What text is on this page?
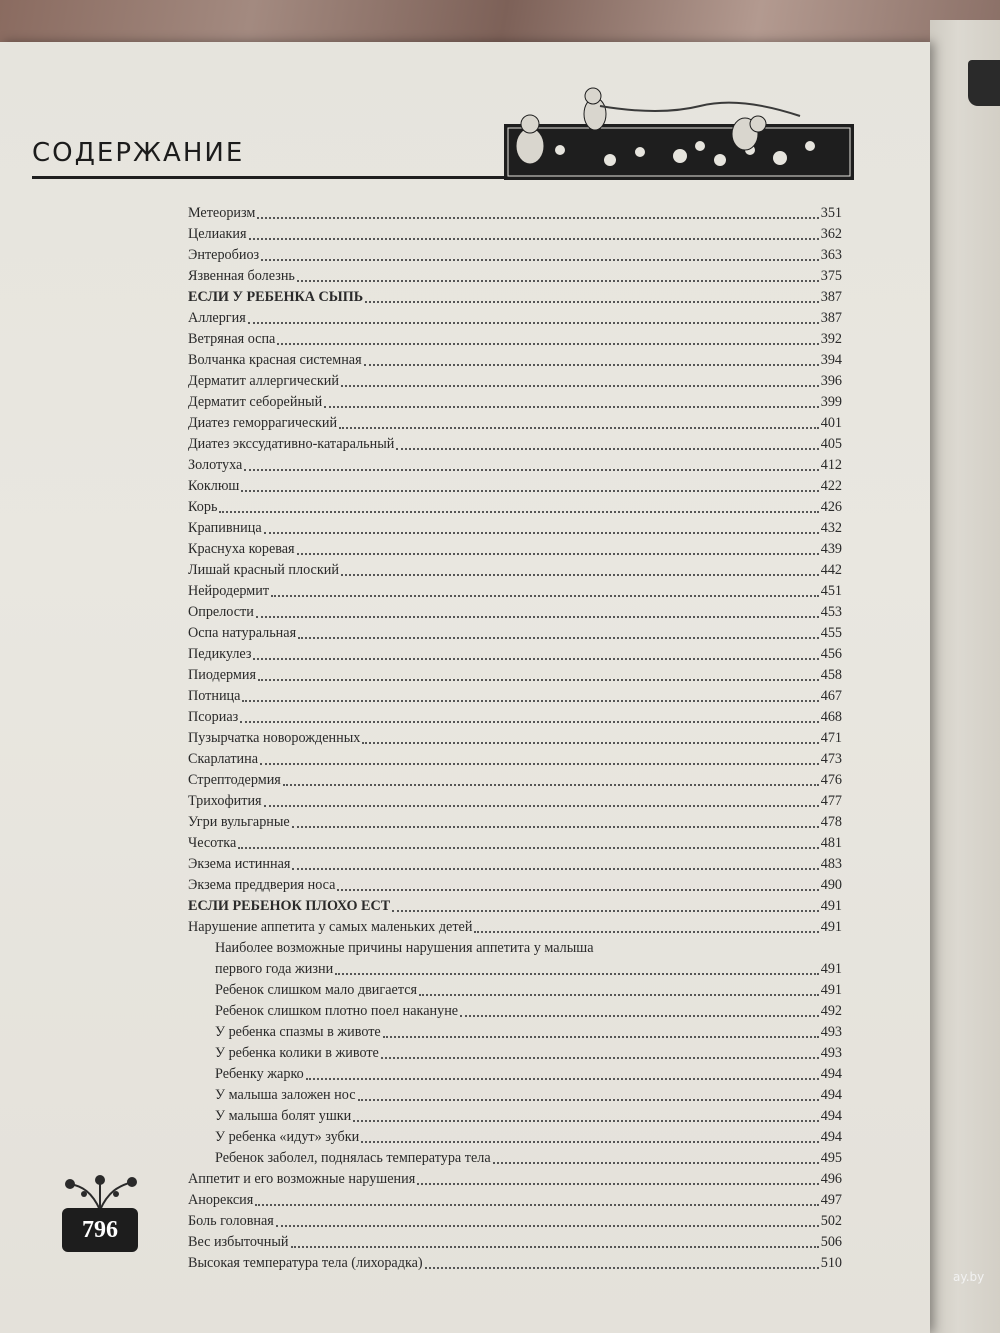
СОДЕРЖАНИЕ
Метеоризм	351
Целиакия	362
Энтеробиоз	363
Язвенная болезнь	375
ЕСЛИ У РЕБЕНКА СЫПЬ	387
Аллергия	387
Ветряная оспа	392
Волчанка красная системная	394
Дерматит аллергический	396
Дерматит себорейный	399
Диатез геморрагический	401
Диатез экссудативно-катаральный	405
Золотуха	412
Коклюш	422
Корь	426
Крапивница	432
Краснуха коревая	439
Лишай красный плоский	442
Нейродермит	451
Опрелости	453
Оспа натуральная	455
Педикулез	456
Пиодермия	458
Потница	467
Псориаз	468
Пузырчатка новорожденных	471
Скарлатина	473
Стрептодермия	476
Трихофития	477
Угри вульгарные	478
Чесотка	481
Экзема истинная	483
Экзема преддверия носа	490
ЕСЛИ РЕБЕНОК ПЛОХО ЕСТ	491
Нарушение аппетита у самых маленьких детей	491
Наиболее возможные причины нарушения аппетита у малыша
первого года жизни	491
Ребенок слишком мало двигается	491
Ребенок слишком плотно поел накануне	492
У ребенка спазмы в животе	493
У ребенка колики в животе	493
Ребенку жарко	494
У малыша заложен нос	494
У малыша болят ушки	494
У ребенка «идут» зубки	494
Ребенок заболел, поднялась температура тела	495
Аппетит и его возможные нарушения	496
Анорексия	497
Боль головная	502
Вес избыточный	506
Высокая температура тела (лихорадка)	510
796
ay.by
